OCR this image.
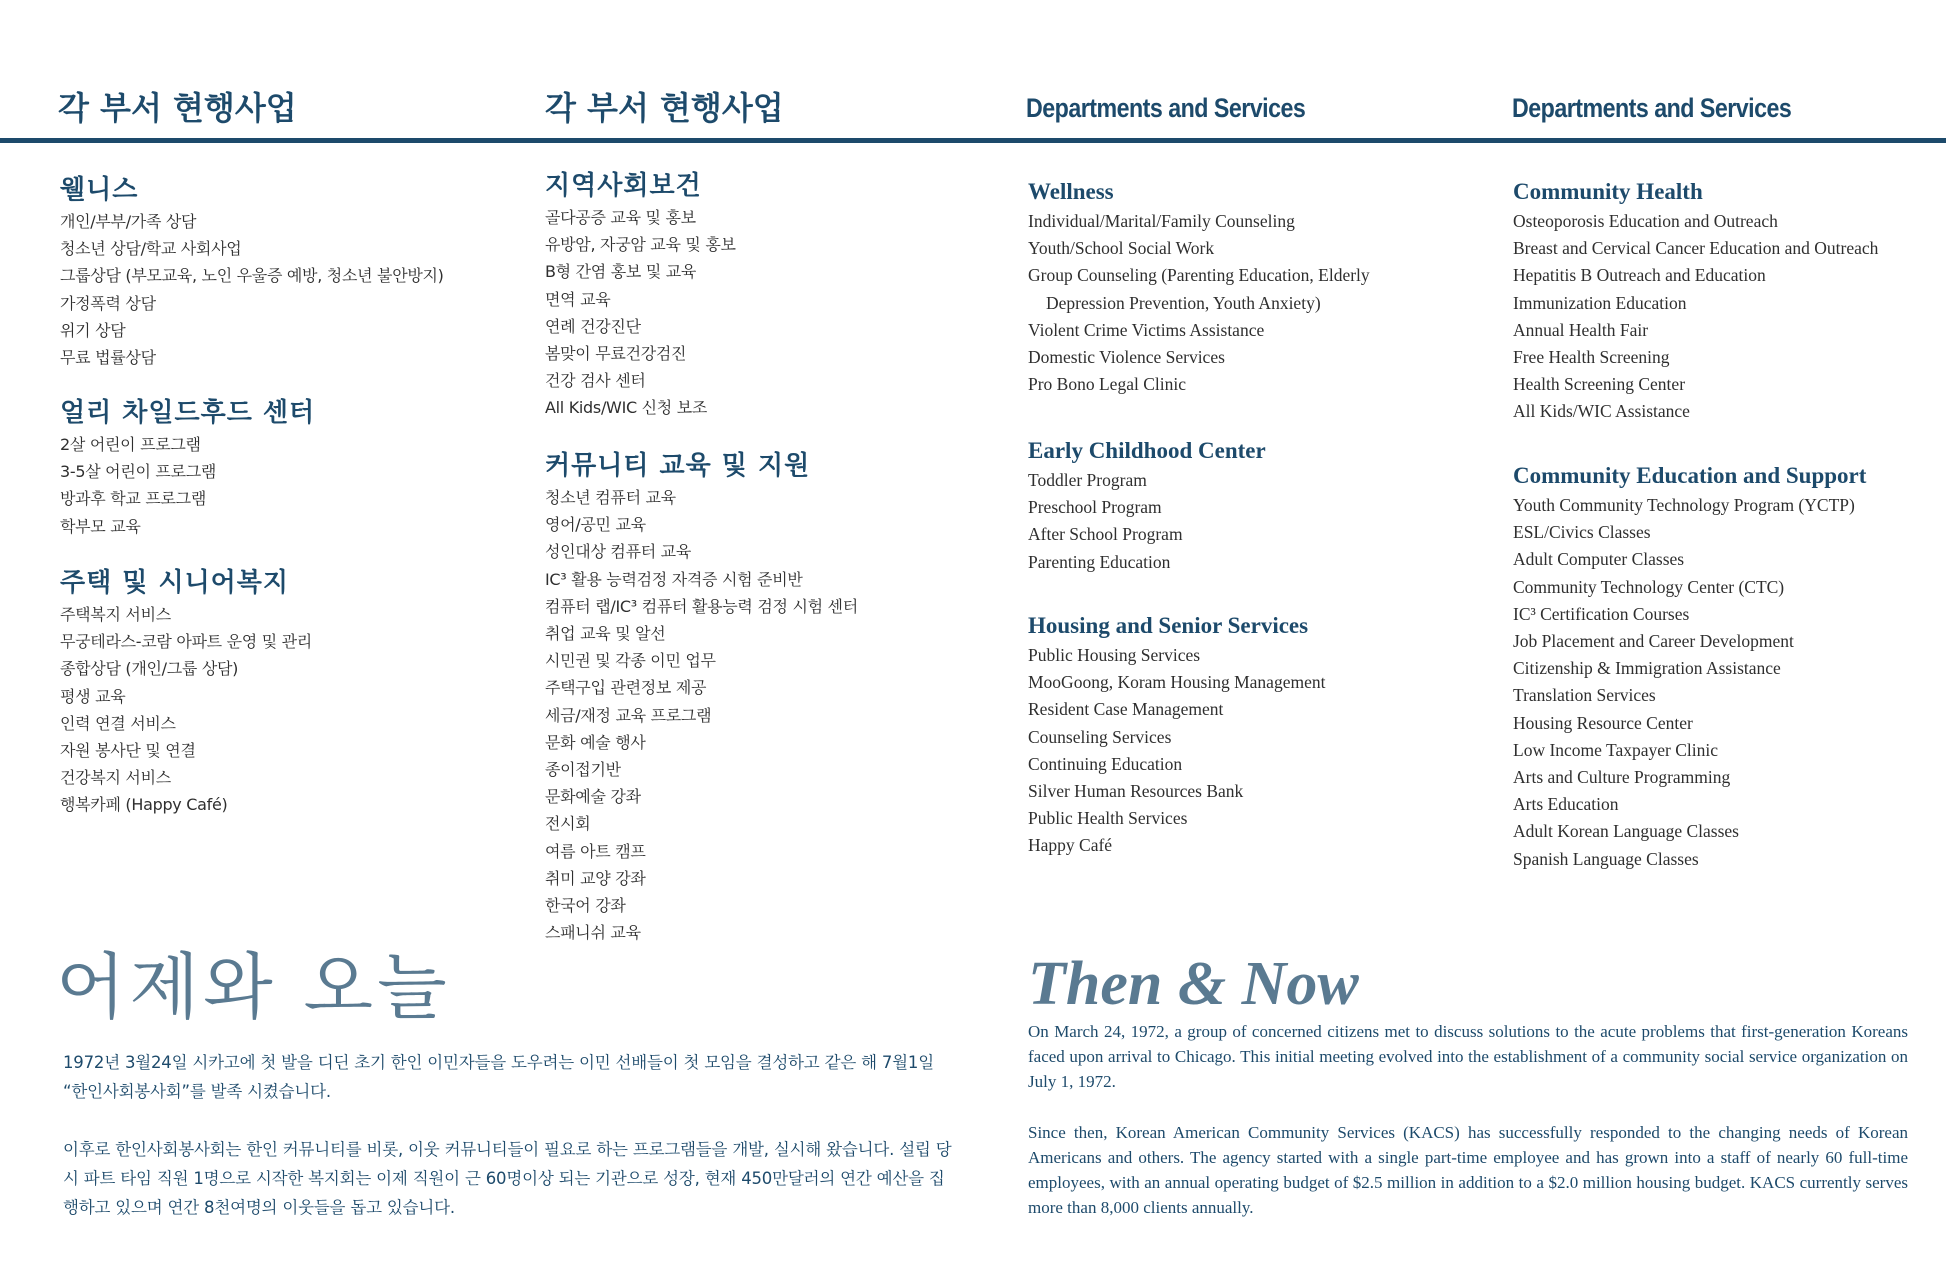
각 부서 현행사업	각 부서 현행사업	Departments and Services	Departments and Services
웰니스
개인/부부/가족 상담
청소년 상담/학교 사회사업
그룹상담 (부모교육, 노인 우울증 예방, 청소년 불안방지)
가정폭력 상담
위기 상담
무료 법률상담
얼리 차일드후드 센터
2살 어린이 프로그램
3-5살 어린이 프로그램
방과후 학교 프로그램
학부모 교육
주택 및 시니어복지
주택복지 서비스
무궁테라스-코람 아파트 운영 및 관리
종합상담 (개인/그룹 상담)
평생 교육
인력 연결 서비스
자원 봉사단 및 연결
건강복지 서비스
행복카페 (Happy Café)
지역사회보건
골다공증 교육 및 홍보
유방암, 자궁암 교육 및 홍보
B형 간염 홍보 및 교육
면역 교육
연례 건강진단
봄맞이 무료건강검진
건강 검사 센터
All Kids/WIC 신청 보조
커뮤니티 교육 및 지원
청소년 컴퓨터 교육
영어/공민 교육
성인대상 컴퓨터 교육
IC³ 활용 능력검정 자격증 시험 준비반
컴퓨터 랩/IC³ 컴퓨터 활용능력 검정 시험 센터
취업 교육 및 알선
시민권 및 각종 이민 업무
주택구입 관련정보 제공
세금/재정 교육 프로그램
문화 예술 행사
종이접기반
문화예술 강좌
전시회
여름 아트 캠프
취미 교양 강좌
한국어 강좌
스패니쉬 교육
Wellness
Individual/Marital/Family Counseling
Youth/School Social Work
Group Counseling (Parenting Education, Elderly
Depression Prevention, Youth Anxiety)
Violent Crime Victims Assistance
Domestic Violence Services
Pro Bono Legal Clinic
Early Childhood Center
Toddler Program
Preschool Program
After School Program
Parenting Education
Housing and Senior Services
Public Housing Services
MooGoong, Koram Housing Management
Resident Case Management
Counseling Services
Continuing Education
Silver Human Resources Bank
Public Health Services
Happy Café
Community Health
Osteoporosis Education and Outreach
Breast and Cervical Cancer Education and Outreach
Hepatitis B Outreach and Education
Immunization Education
Annual Health Fair
Free Health Screening
Health Screening Center
All Kids/WIC Assistance
Community Education and Support
Youth Community Technology Program (YCTP)
ESL/Civics Classes
Adult Computer Classes
Community Technology Center (CTC)
IC³ Certification Courses
Job Placement and Career Development
Citizenship & Immigration Assistance
Translation Services
Housing Resource Center
Low Income Taxpayer Clinic
Arts and Culture Programming
Arts Education
Adult Korean Language Classes
Spanish Language Classes
어제와 오늘	Then & Now
1972년 3월24일 시카고에 첫 발을 디딘 초기 한인 이민자들을 도우려는 이민 선배들이 첫 모임을 결성하고 같은 해 7월1일 “한인사회봉사회”를 발족 시켰습니다.
이후로 한인사회봉사회는 한인 커뮤니티를 비롯, 이웃 커뮤니티들이 필요로 하는 프로그램들을 개발, 실시해 왔습니다. 설립 당시 파트 타임 직원 1명으로 시작한 복지회는 이제 직원이 근 60명이상 되는 기관으로 성장, 현재 450만달러의 연간 예산을 집행하고 있으며 연간 8천여명의 이웃들을 돕고 있습니다.
On March 24, 1972, a group of concerned citizens met to discuss solutions to the acute problems that first-generation Koreans faced upon arrival to Chicago. This initial meeting evolved into the establishment of a community social service organization on July 1, 1972.
Since then, Korean American Community Services (KACS) has successfully responded to the changing needs of Korean Americans and others. The agency started with a single part-time employee and has grown into a staff of nearly 60 full-time employees, with an annual operating budget of $2.5 million in addition to a $2.0 million housing budget. KACS currently serves more than 8,000 clients annually.
